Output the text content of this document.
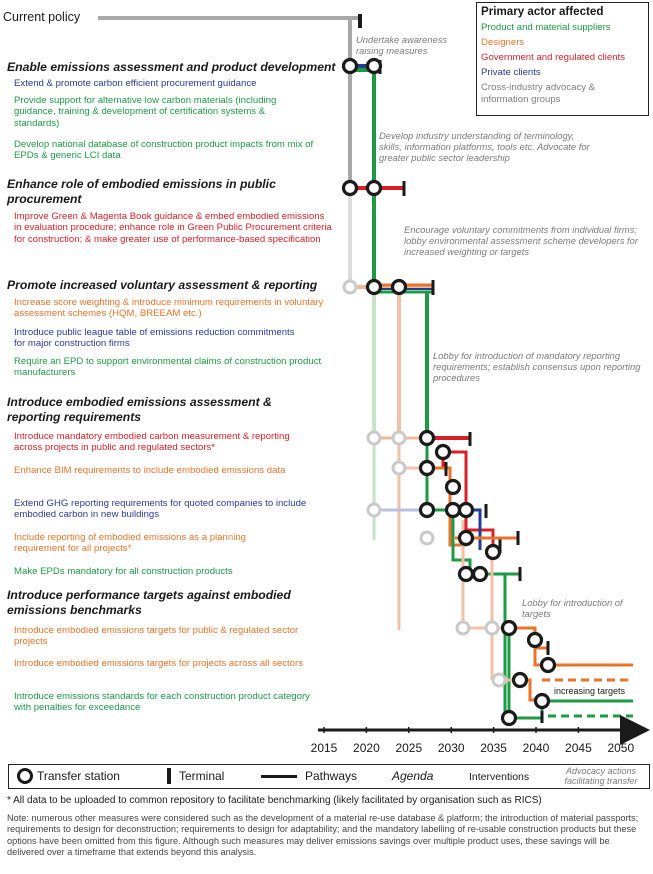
2015 2020 2025 2030 2035 2040 2045 2050
Current policy
Undertake awareness raising measures
Primary actor affected
Product and material suppliers
Designers
Government and regulated clients
Private clients
Cross-industry advocacy & information groups
Enable emissions assessment and product development
Extend & promote carbon efficient procurement guidance
Provide support for alternative low carbon materials (including guidance, training & development of certification systems & standards)
Develop national database of construction product impacts from mix of EPDs & generic LCI data
Develop industry understanding of terminology, skills, information platforms, tools etc. Advocate for greater public sector leadership
Enhance role of embodied emissions in public procurement
Improve Green & Magenta Book guidance & embed embodied emissions in evaluation procedure; enhance role in Green Public Procurement criteria for construction; & make greater use of performance-based specification
Encourage voluntary commitments from individual firms; lobby environmental assessment scheme developers for increased weighting or targets
Promote increased voluntary assessment & reporting
Increase score weighting & introduce minimum requirements in voluntary assessment schemes (HQM, BREEAM etc.)
Introduce public league table of emissions reduction commitments for major construction firms
Require an EPD to support environmental claims of construction product manufacturers
Lobby for introduction of mandatory reporting requirements; establish consensus upon reporting procedures
Introduce embodied emissions assessment & reporting requirements
Introduce mandatory embodied carbon measurement & reporting across projects in public and regulated sectors*
Enhance BIM requirements to include embodied emissions data
Extend GHG reporting requirements for quoted companies to include embodied carbon in new buildings
Include reporting of embodied emissions as a planning requirement for all projects*
Make EPDs mandatory for all construction products
Introduce performance targets against embodied emissions benchmarks
Introduce embodied emissions targets for public & regulated sector projects
Introduce embodied emissions targets for projects across all sectors
Introduce emissions standards for each construction product category with penalties for exceedance
Lobby for introduction of targets
increasing targets
Transfer station	Terminal	Pathways	Agenda	Interventions	Advocacy actions facilitating transfer
* All data to be uploaded to common repository to facilitate benchmarking (likely facilitated by organisation such as RICS)
Note: numerous other measures were considered such as the development of a material re-use database & platform; the introduction of material passports; requirements to design for deconstruction; requirements to design for adaptability; and the mandatory labelling of re-usable construction products but these options have been omitted from this figure. Although such measures may deliver emissions savings over multiple product uses, these savings will be delivered over a timeframe that extends beyond this analysis.
